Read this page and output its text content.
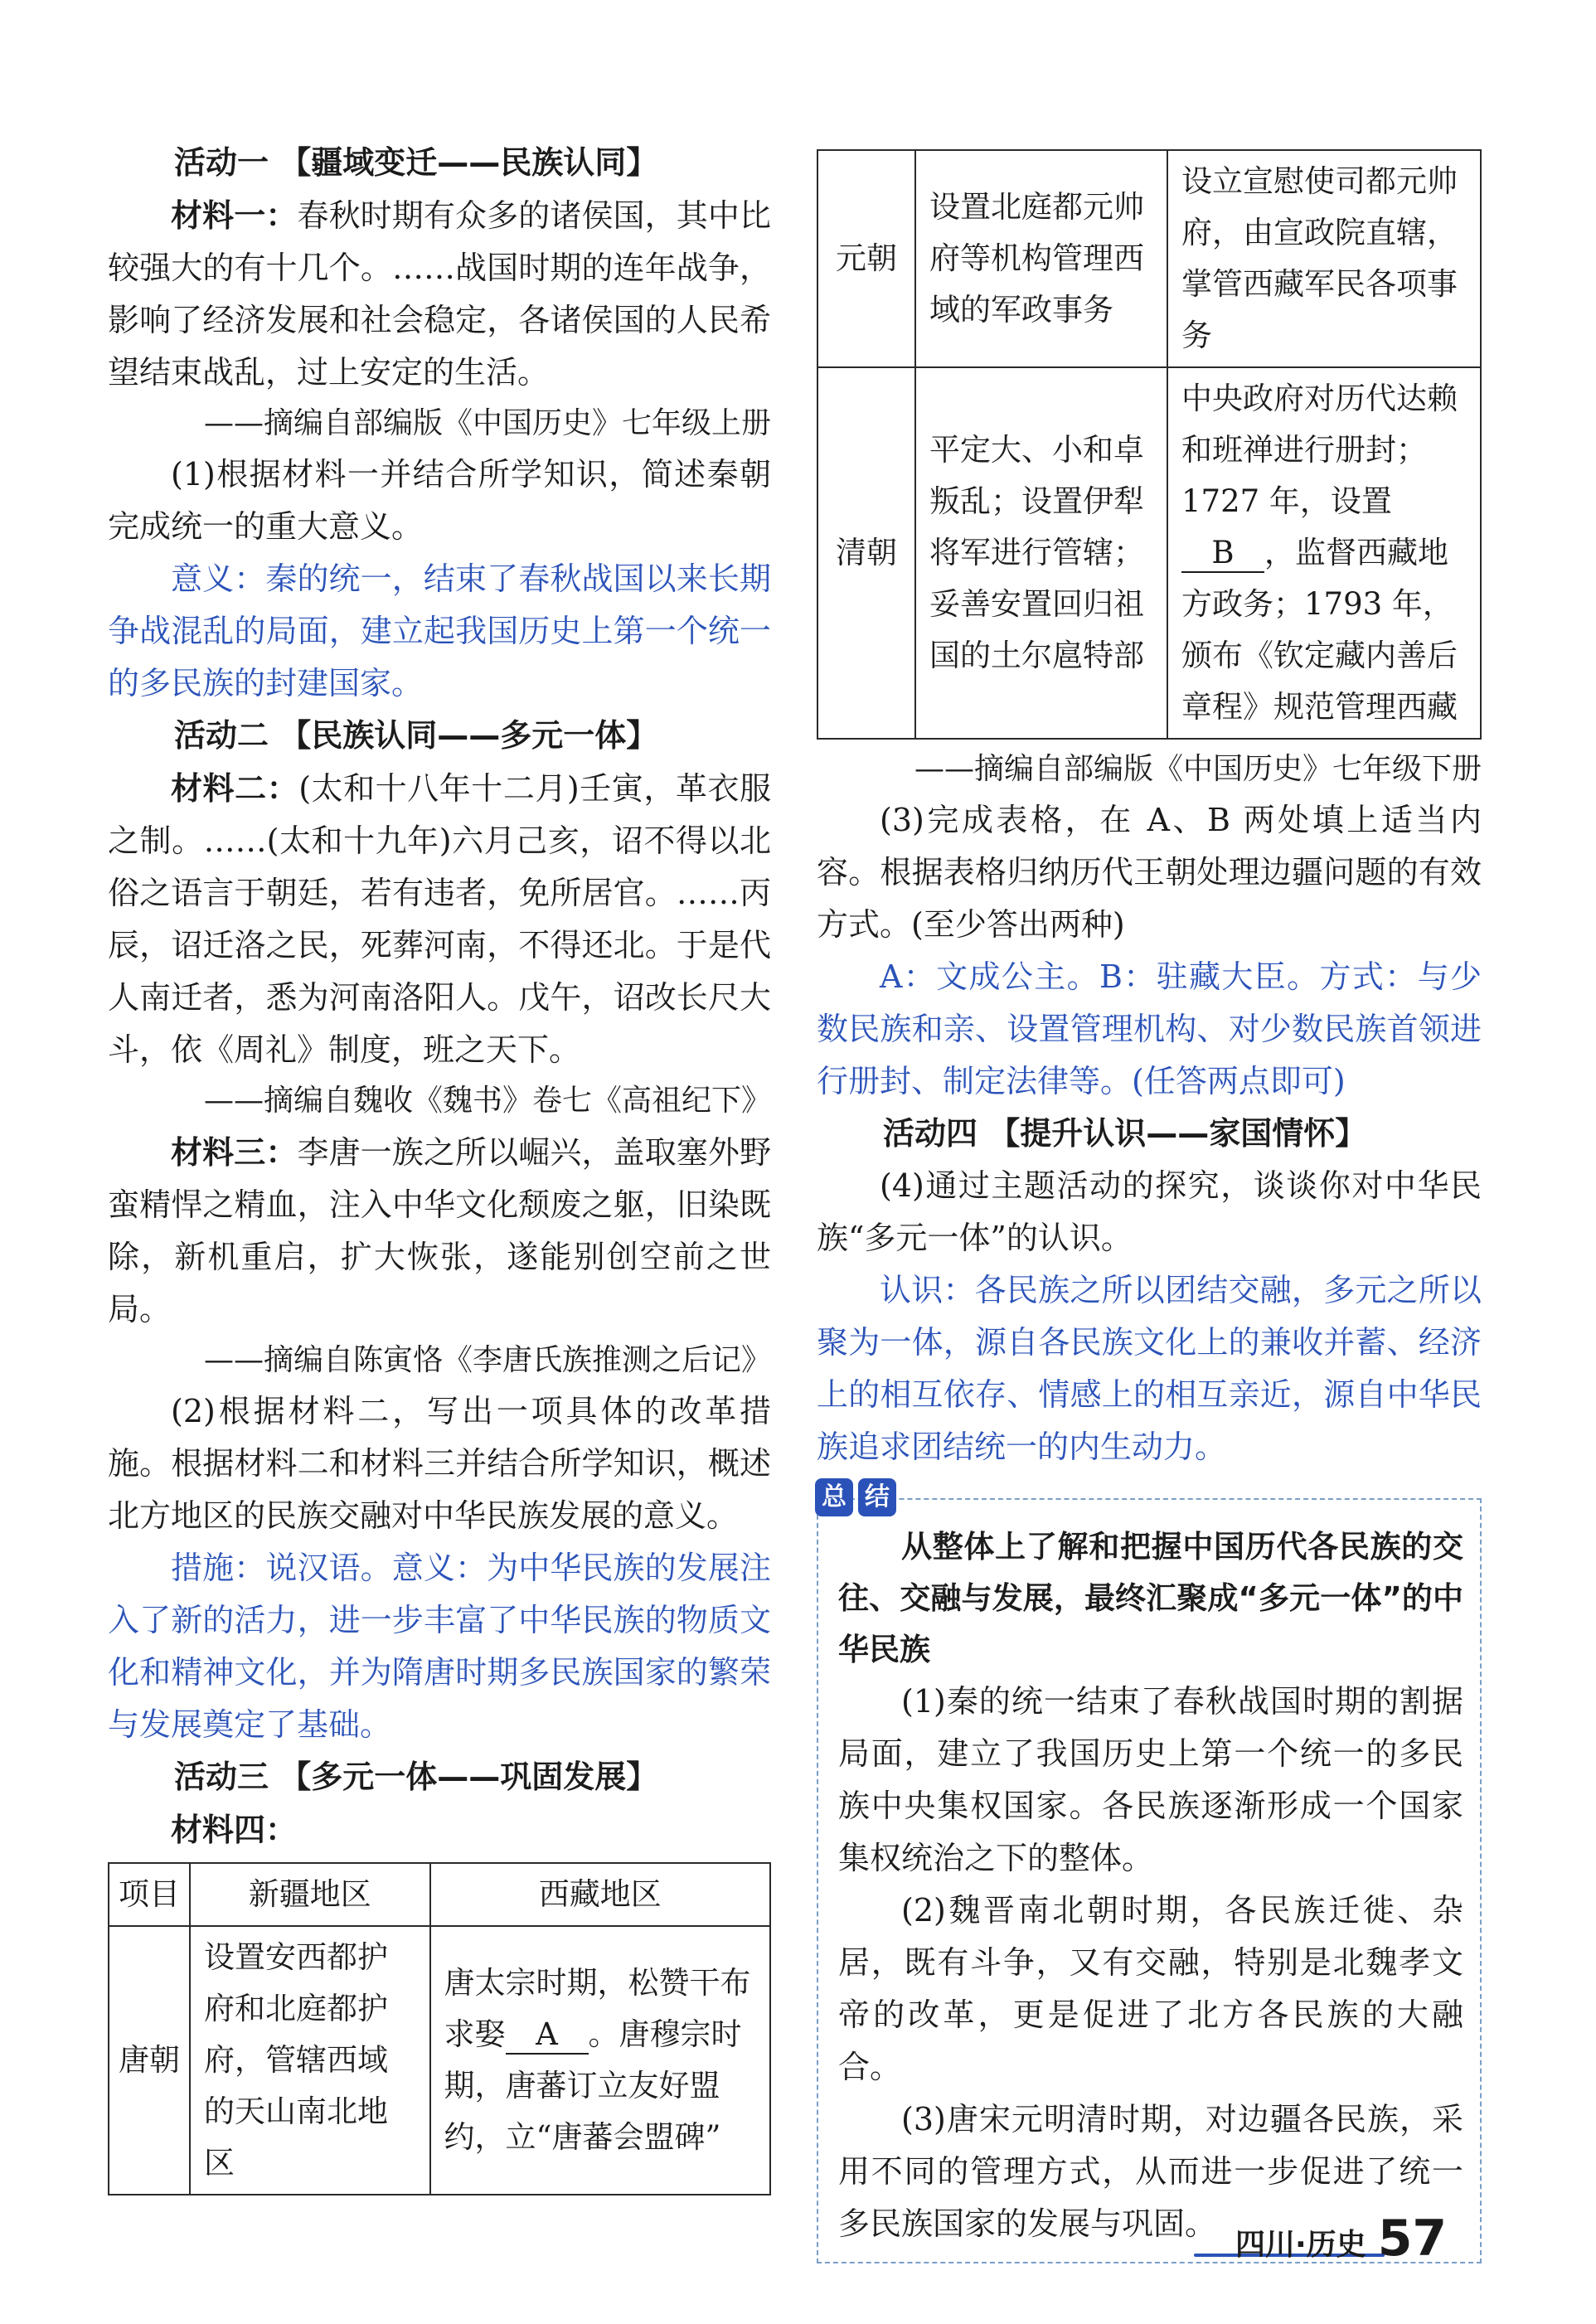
活动一 【疆域变迁——民族认同】

材料一：春秋时期有众多的诸侯国，其中比较强大的有十几个。……战国时期的连年战争，影响了经济发展和社会稳定，各诸侯国的人民希望结束战乱，过上安定的生活。

——摘编自部编版《中国历史》七年级上册

(1)根据材料一并结合所学知识，简述秦朝完成统一的重大意义。

意义：秦的统一，结束了春秋战国以来长期争战混乱的局面，建立起我国历史上第一个统一的多民族的封建国家。

活动二 【民族认同——多元一体】

材料二：(太和十八年十二月)壬寅，革衣服之制。……(太和十九年)六月己亥，诏不得以北俗之语言于朝廷，若有违者，免所居官。……丙辰，诏迁洛之民，死葬河南，不得还北。于是代人南迁者，悉为河南洛阳人。戊午，诏改长尺大斗，依《周礼》制度，班之天下。

——摘编自魏收《魏书》卷七《高祖纪下》

材料三：李唐一族之所以崛兴，盖取塞外野蛮精悍之精血，注入中华文化颓废之躯，旧染既除，新机重启，扩大恢张，遂能别创空前之世局。

——摘编自陈寅恪《李唐氏族推测之后记》

(2)根据材料二，写出一项具体的改革措施。根据材料二和材料三并结合所学知识，概述北方地区的民族交融对中华民族发展的意义。

措施：说汉语。意义：为中华民族的发展注入了新的活力，进一步丰富了中华民族的物质文化和精神文化，并为隋唐时期多民族国家的繁荣与发展奠定了基础。

活动三 【多元一体——巩固发展】

材料四：

项目	新疆地区	西藏地区
唐朝	设置安西都护府和北庭都护府，管辖西域的天山南北地区	唐太宗时期，松赞干布求娶 A 。唐穆宗时期，唐蕃订立友好盟约，立“唐蕃会盟碑”
元朝	设置北庭都元帅府等机构管理西域的军政事务	设立宣慰使司都元帅府，由宣政院直辖，掌管西藏军民各项事务
清朝	平定大、小和卓叛乱；设置伊犁将军进行管辖；妥善安置回归祖国的土尔扈特部	中央政府对历代达赖和班禅进行册封；1727 年，设置B ，监督西藏地方政务；1793 年，颁布《钦定藏内善后章程》规范管理西藏

——摘编自部编版《中国历史》七年级下册

(3)完成表格，在 A、B 两处填上适当内容。根据表格归纳历代王朝处理边疆问题的有效方式。(至少答出两种)

A：文成公主。B：驻藏大臣。方式：与少数民族和亲、设置管理机构、对少数民族首领进行册封、制定法律等。(任答两点即可)

活动四 【提升认识——家国情怀】

(4)通过主题活动的探究，谈谈你对中华民族“多元一体”的认识。

认识：各民族之所以团结交融，多元之所以聚为一体，源自各民族文化上的兼收并蓄、经济上的相互依存、情感上的相互亲近，源自中华民族追求团结统一的内生动力。

总 结

从整体上了解和把握中国历代各民族的交往、交融与发展，最终汇聚成“多元一体”的中华民族

(1)秦的统一结束了春秋战国时期的割据局面，建立了我国历史上第一个统一的多民族中央集权国家。各民族逐渐形成一个国家集权统治之下的整体。

(2)魏晋南北朝时期，各民族迁徙、杂居，既有斗争，又有交融，特别是北魏孝文帝的改革，更是促进了北方各民族的大融合。

(3)唐宋元明清时期，对边疆各民族，采用不同的管理方式，从而进一步促进了统一多民族国家的发展与巩固。

四川·历史 57
